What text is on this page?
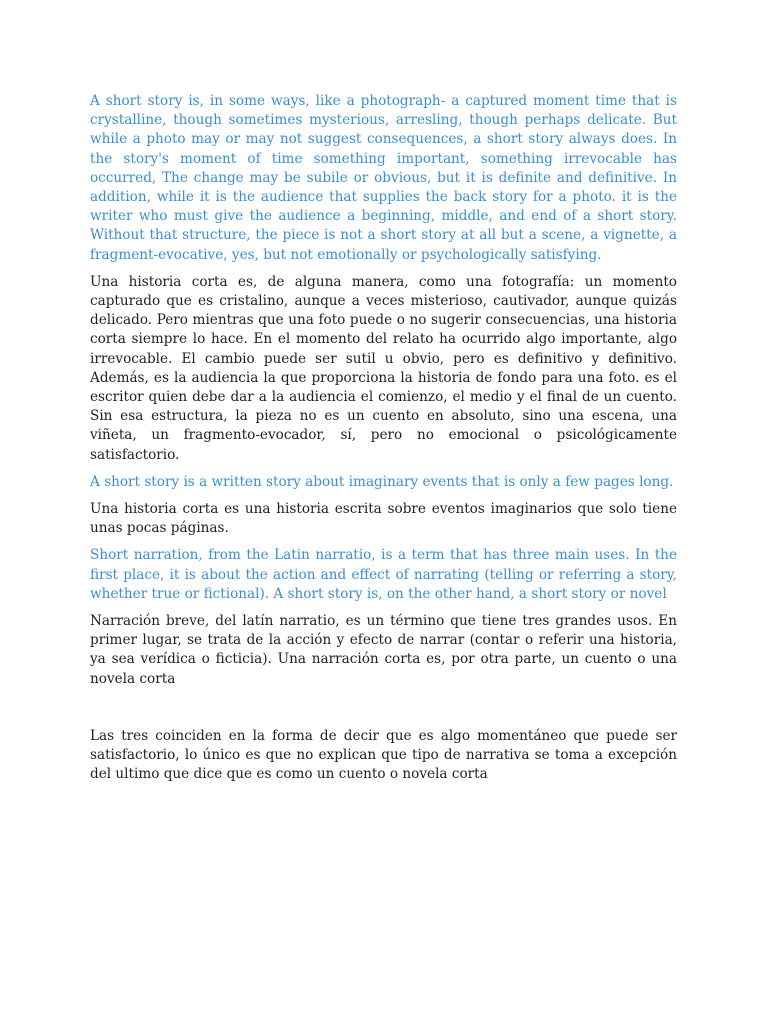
A short story is, in some ways, like a photograph- a captured moment time that is crystalline, though sometimes mysterious, arresling, though perhaps delicate. But while a photo may or may not suggest consequences, a short story always does. In the story's moment of time something important, something irrevocable has occurred, The change may be subile or obvious, but it is definite and definitive. In addition, while it is the audience that supplies the back story for a photo. it is the writer who must give the audience a beginning, middle, and end of a short story. Without that structure, the piece is not a short story at all but a scene, a vignette, a fragment-evocative, yes, but not emotionally or psychologically satisfying.

Una historia corta es, de alguna manera, como una fotografía: un momento capturado que es cristalino, aunque a veces misterioso, cautivador, aunque quizás delicado. Pero mientras que una foto puede o no sugerir consecuencias, una historia corta siempre lo hace. En el momento del relato ha ocurrido algo importante, algo irrevocable. El cambio puede ser sutil u obvio, pero es definitivo y definitivo. Además, es la audiencia la que proporciona la historia de fondo para una foto. es el escritor quien debe dar a la audiencia el comienzo, el medio y el final de un cuento. Sin esa estructura, la pieza no es un cuento en absoluto, sino una escena, una viñeta, un fragmento-evocador, sí, pero no emocional o psicológicamente satisfactorio.

A short story is a written story about imaginary events that is only a few pages long.

Una historia corta es una historia escrita sobre eventos imaginarios que solo tiene unas pocas páginas.

Short narration, from the Latin narratio, is a term that has three main uses. In the first place, it is about the action and effect of narrating (telling or referring a story, whether true or fictional). A short story is, on the other hand, a short story or novel

Narración breve, del latín narratio, es un término que tiene tres grandes usos. En primer lugar, se trata de la acción y efecto de narrar (contar o referir una historia, ya sea verídica o ficticia). Una narración corta es, por otra parte, un cuento o una novela corta

Las tres coinciden en la forma de decir que es algo momentáneo que puede ser satisfactorio, lo único es que no explican que tipo de narrativa se toma a excepción del ultimo que dice que es como un cuento o novela corta
